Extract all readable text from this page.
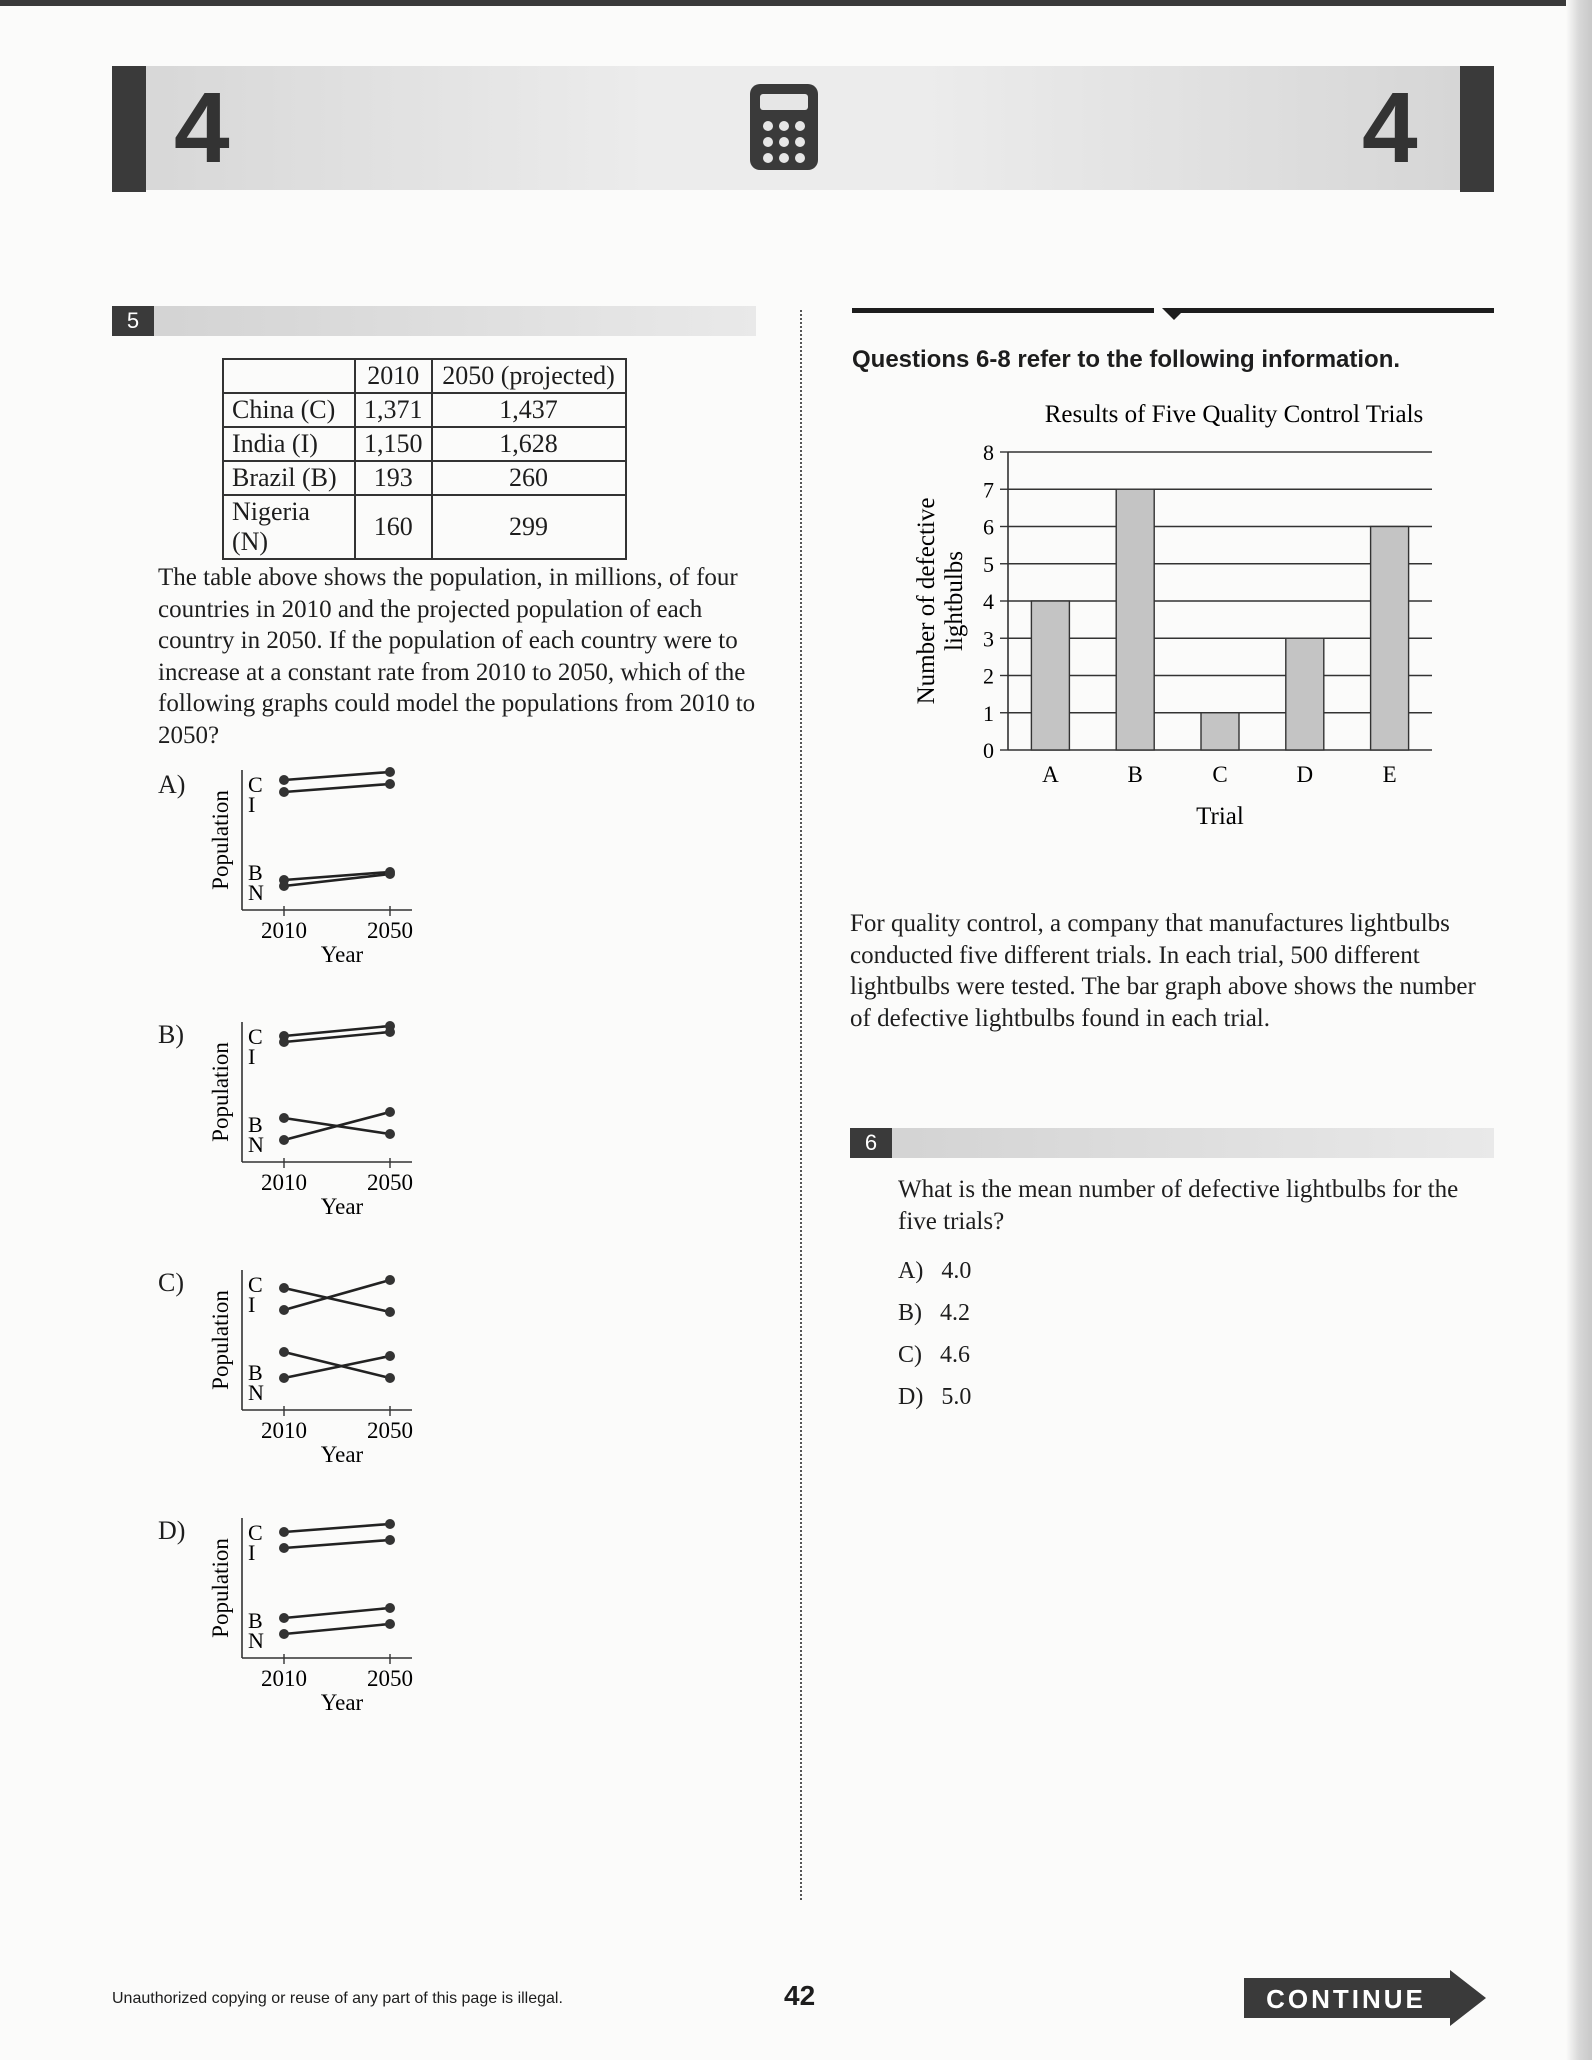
4	4
5
	2010	2050 (projected)
China (C)	1,371	1,437
India (I)	1,150	1,628
Brazil (B)	193	260
Nigeria (N)	160	299
The table above shows the population, in millions, of four countries in 2010 and the projected population of each country in 2050. If the population of each country were to increase at a constant rate from 2010 to 2050, which of the following graphs could model the populations from 2010 to 2050?
A)
B)
C)
D)
Population
C
I
B
N
2010	2050
Year
Population
C
I
B
N
2010	2050
Year
Population
C
I
B
N
2010	2050
Year
Population
C
I
B
N
2010	2050
Year
Questions 6-8 refer to the following information.
Results of Five Quality Control Trials
0
1
2
3
4
5
6
7
8
Number of defectivelightbulbs
A	B	C	D	E
Trial
For quality control, a company that manufactures lightbulbs conducted five different trials. In each trial, 500 different lightbulbs were tested. The bar graph above shows the number of defective lightbulbs found in each trial.
6
What is the mean number of defective lightbulbs for the five trials?
A) 4.0
B) 4.2
C) 4.6
D) 5.0
Unauthorized copying or reuse of any part of this page is illegal.	42	CONTINUE
